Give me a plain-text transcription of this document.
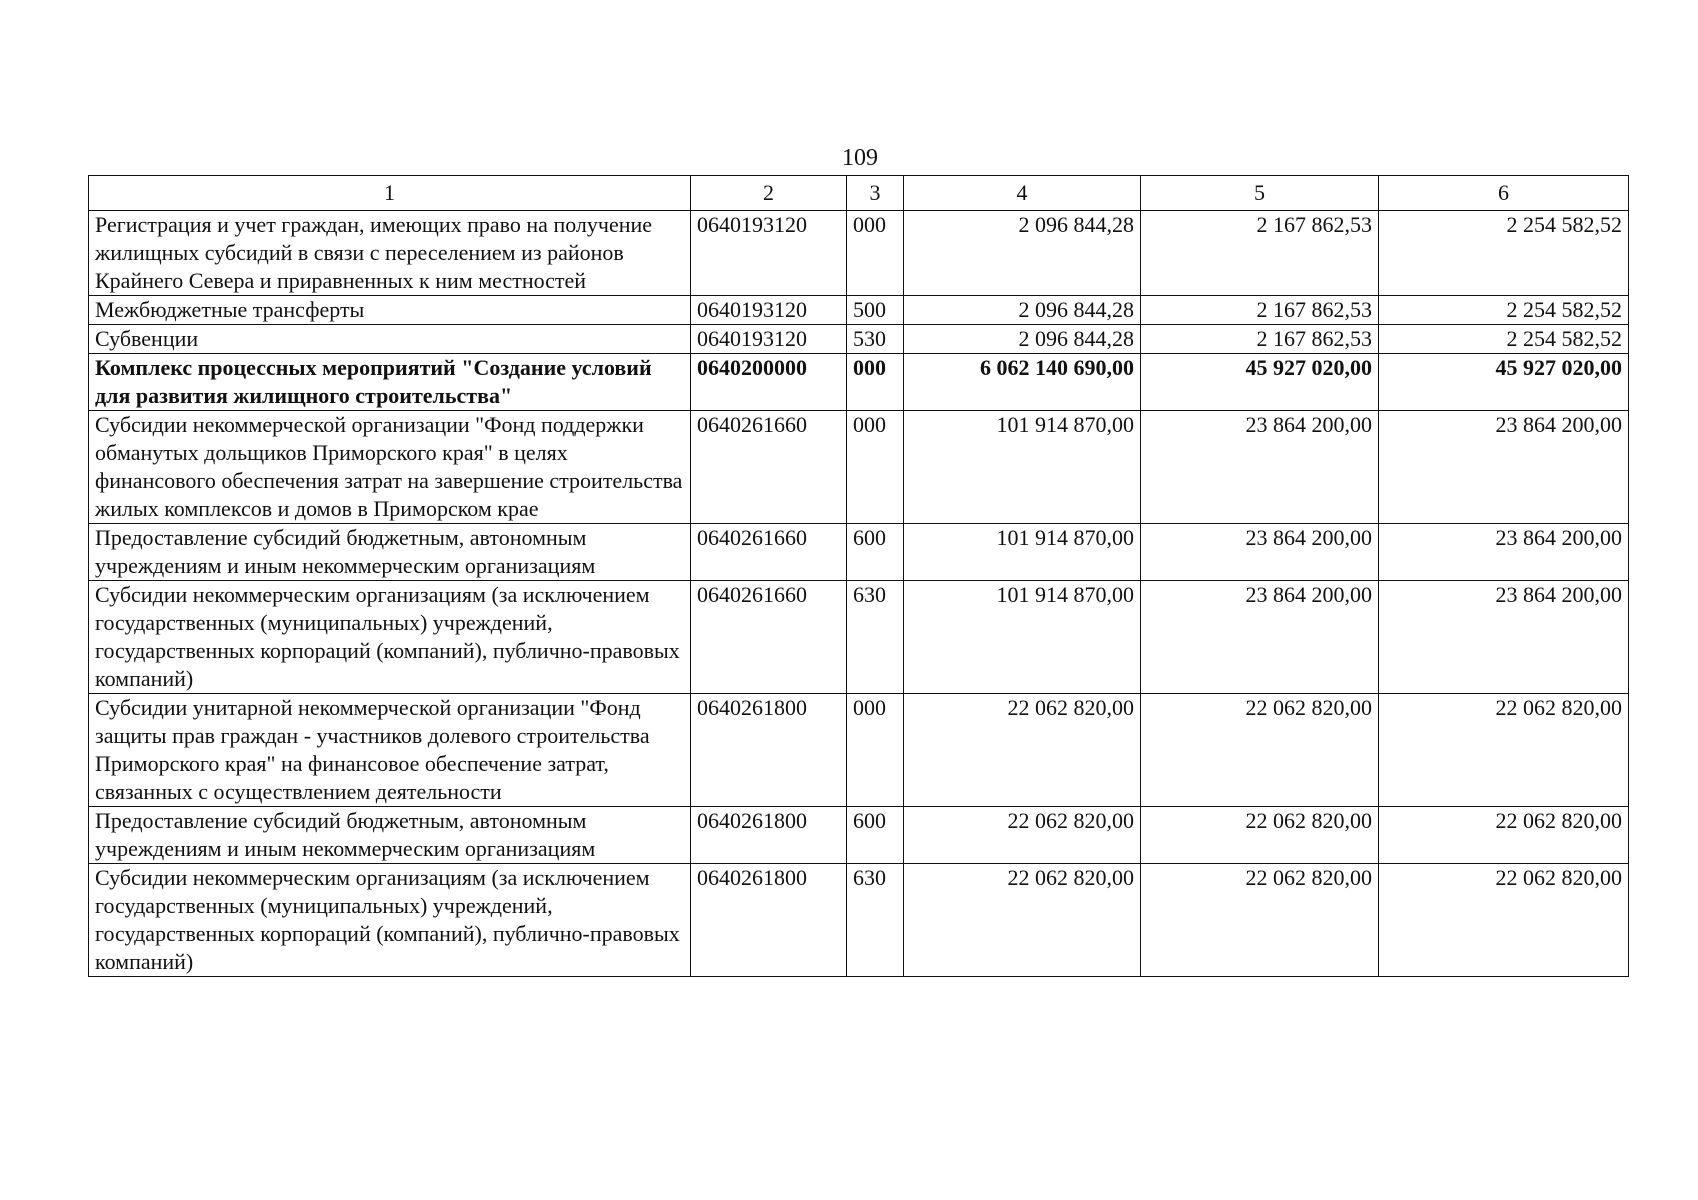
109
1	2	3	4	5	6
Регистрация и учет граждан, имеющих право на получение жилищных субсидий в связи с переселением из районов Крайнего Севера и приравненных к ним местностей	0640193120	000	2 096 844,28	2 167 862,53	2 254 582,52
Межбюджетные трансферты	0640193120	500	2 096 844,28	2 167 862,53	2 254 582,52
Субвенции	0640193120	530	2 096 844,28	2 167 862,53	2 254 582,52
Комплекс процессных мероприятий "Создание условий для развития жилищного строительства"	0640200000	000	6 062 140 690,00	45 927 020,00	45 927 020,00
Субсидии некоммерческой организации "Фонд поддержки обманутых дольщиков Приморского края" в целях финансового обеспечения затрат на завершение строительства жилых комплексов и домов в Приморском крае	0640261660	000	101 914 870,00	23 864 200,00	23 864 200,00
Предоставление субсидий бюджетным, автономным учреждениям и иным некоммерческим организациям	0640261660	600	101 914 870,00	23 864 200,00	23 864 200,00
Субсидии некоммерческим организациям (за исключением государственных (муниципальных) учреждений, государственных корпораций (компаний), публично-правовых компаний)	0640261660	630	101 914 870,00	23 864 200,00	23 864 200,00
Субсидии унитарной некоммерческой организации "Фонд защиты прав граждан - участников долевого строительства Приморского края" на финансовое обеспечение затрат, связанных с осуществлением деятельности	0640261800	000	22 062 820,00	22 062 820,00	22 062 820,00
Предоставление субсидий бюджетным, автономным учреждениям и иным некоммерческим организациям	0640261800	600	22 062 820,00	22 062 820,00	22 062 820,00
Субсидии некоммерческим организациям (за исключением государственных (муниципальных) учреждений, государственных корпораций (компаний), публично-правовых компаний)	0640261800	630	22 062 820,00	22 062 820,00	22 062 820,00
